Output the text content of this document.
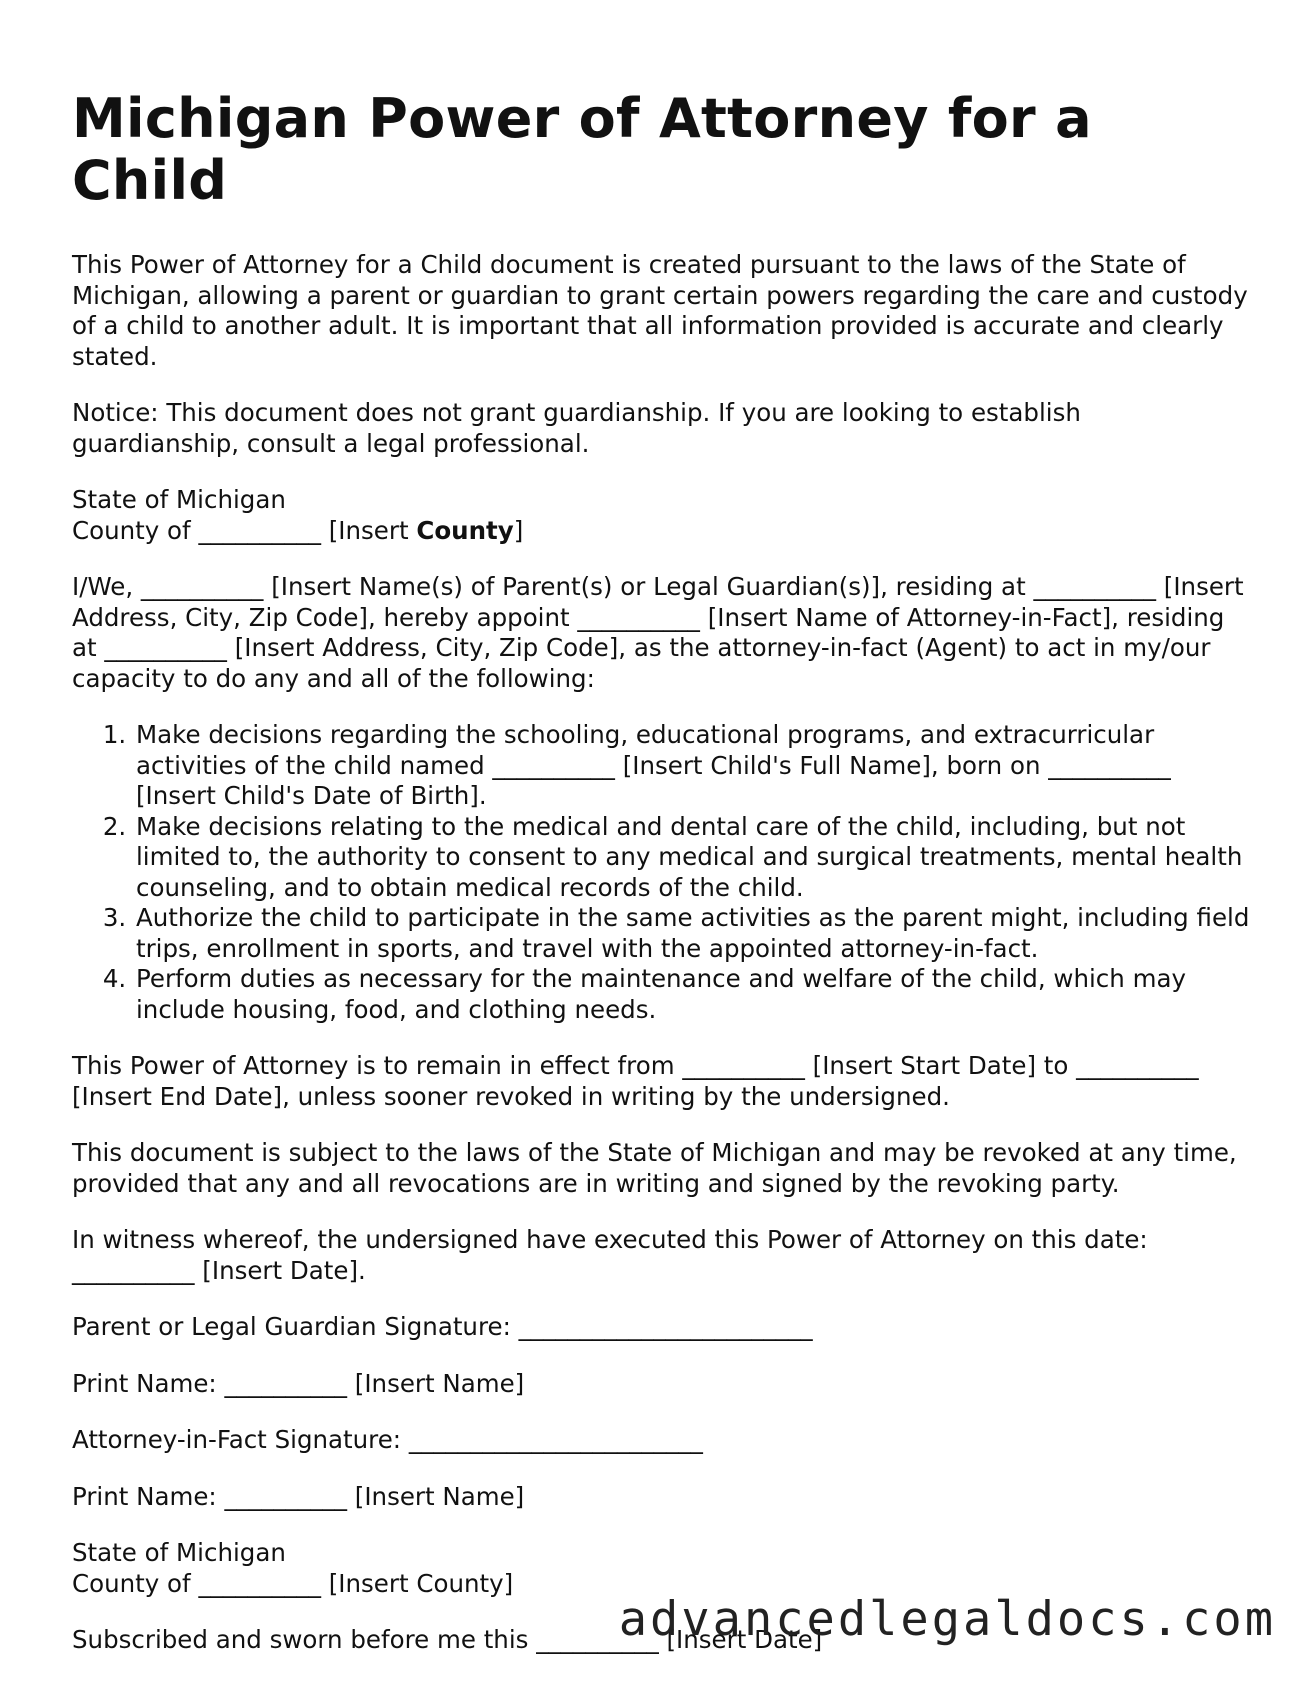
Michigan Power of Attorney for a Child

This Power of Attorney for a Child document is created pursuant to the laws of the State of Michigan, allowing a parent or guardian to grant certain powers regarding the care and custody of a child to another adult. It is important that all information provided is accurate and clearly stated.

Notice: This document does not grant guardianship. If you are looking to establish guardianship, consult a legal professional.

State of Michigan
County of __________ [Insert County]

I/We, __________ [Insert Name(s) of Parent(s) or Legal Guardian(s)], residing at __________ [Insert Address, City, Zip Code], hereby appoint __________ [Insert Name of Attorney-in-Fact], residing at __________ [Insert Address, City, Zip Code], as the attorney-in-fact (Agent) to act in my/our capacity to do any and all of the following:

1. Make decisions regarding the schooling, educational programs, and extracurricular activities of the child named __________ [Insert Child's Full Name], born on __________ [Insert Child's Date of Birth].
2. Make decisions relating to the medical and dental care of the child, including, but not limited to, the authority to consent to any medical and surgical treatments, mental health counseling, and to obtain medical records of the child.
3. Authorize the child to participate in the same activities as the parent might, including field trips, enrollment in sports, and travel with the appointed attorney-in-fact.
4. Perform duties as necessary for the maintenance and welfare of the child, which may include housing, food, and clothing needs.

This Power of Attorney is to remain in effect from __________ [Insert Start Date] to __________ [Insert End Date], unless sooner revoked in writing by the undersigned.

This document is subject to the laws of the State of Michigan and may be revoked at any time, provided that any and all revocations are in writing and signed by the revoking party.

In witness whereof, the undersigned have executed this Power of Attorney on this date: __________ [Insert Date].

Parent or Legal Guardian Signature: ________________________

Print Name: __________ [Insert Name]

Attorney-in-Fact Signature: ________________________

Print Name: __________ [Insert Name]

State of Michigan
County of __________ [Insert County]

Subscribed and sworn before me this __________ [Insert Date]

advancedlegaldocs.com
